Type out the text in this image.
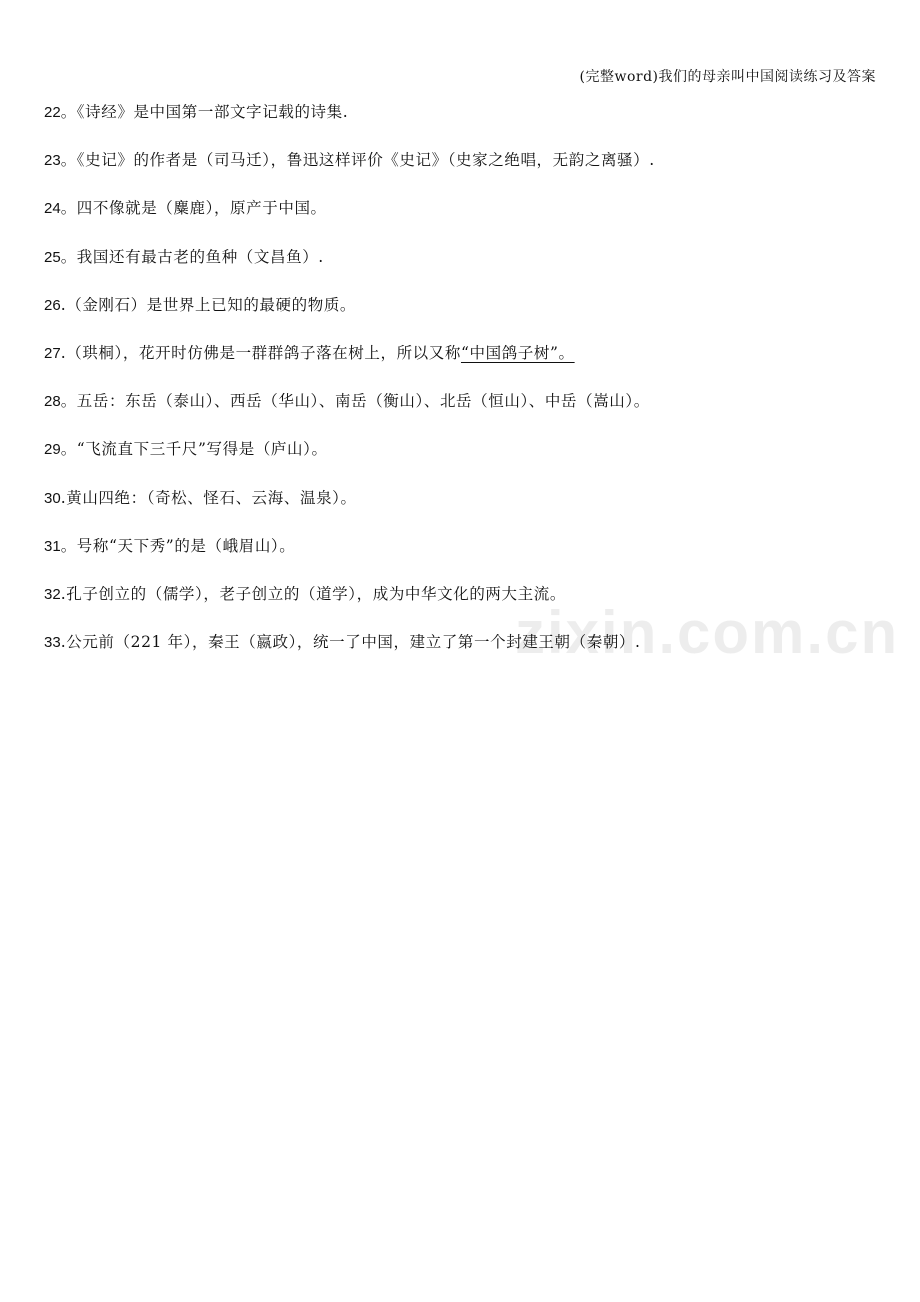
(完整word)我们的母亲叫中国阅读练习及答案
22。《诗经》是中国第一部文字记载的诗集.
23。《史记》的作者是（司马迁），鲁迅这样评价《史记》（史家之绝唱，无韵之离骚）.
24。四不像就是（麋鹿），原产于中国。
25。我国还有最古老的鱼种（文昌鱼）.
26.（金刚石）是世界上已知的最硬的物质。
27.（珙桐），花开时仿佛是一群群鸽子落在树上，所以又称“中国鸽子树”。
28。五岳：东岳（泰山）、西岳（华山）、南岳（衡山）、北岳（恒山）、中岳（嵩山）。
29。“飞流直下三千尺”写得是（庐山）。
30.黄山四绝：（奇松、怪石、云海、温泉）。
31。号称“天下秀”的是（峨眉山）。
32.孔子创立的（儒学），老子创立的（道学），成为中华文化的两大主流。
33.公元前（221 年），秦王（嬴政），统一了中国，建立了第一个封建王朝（秦朝）.
zixin.com.cn
